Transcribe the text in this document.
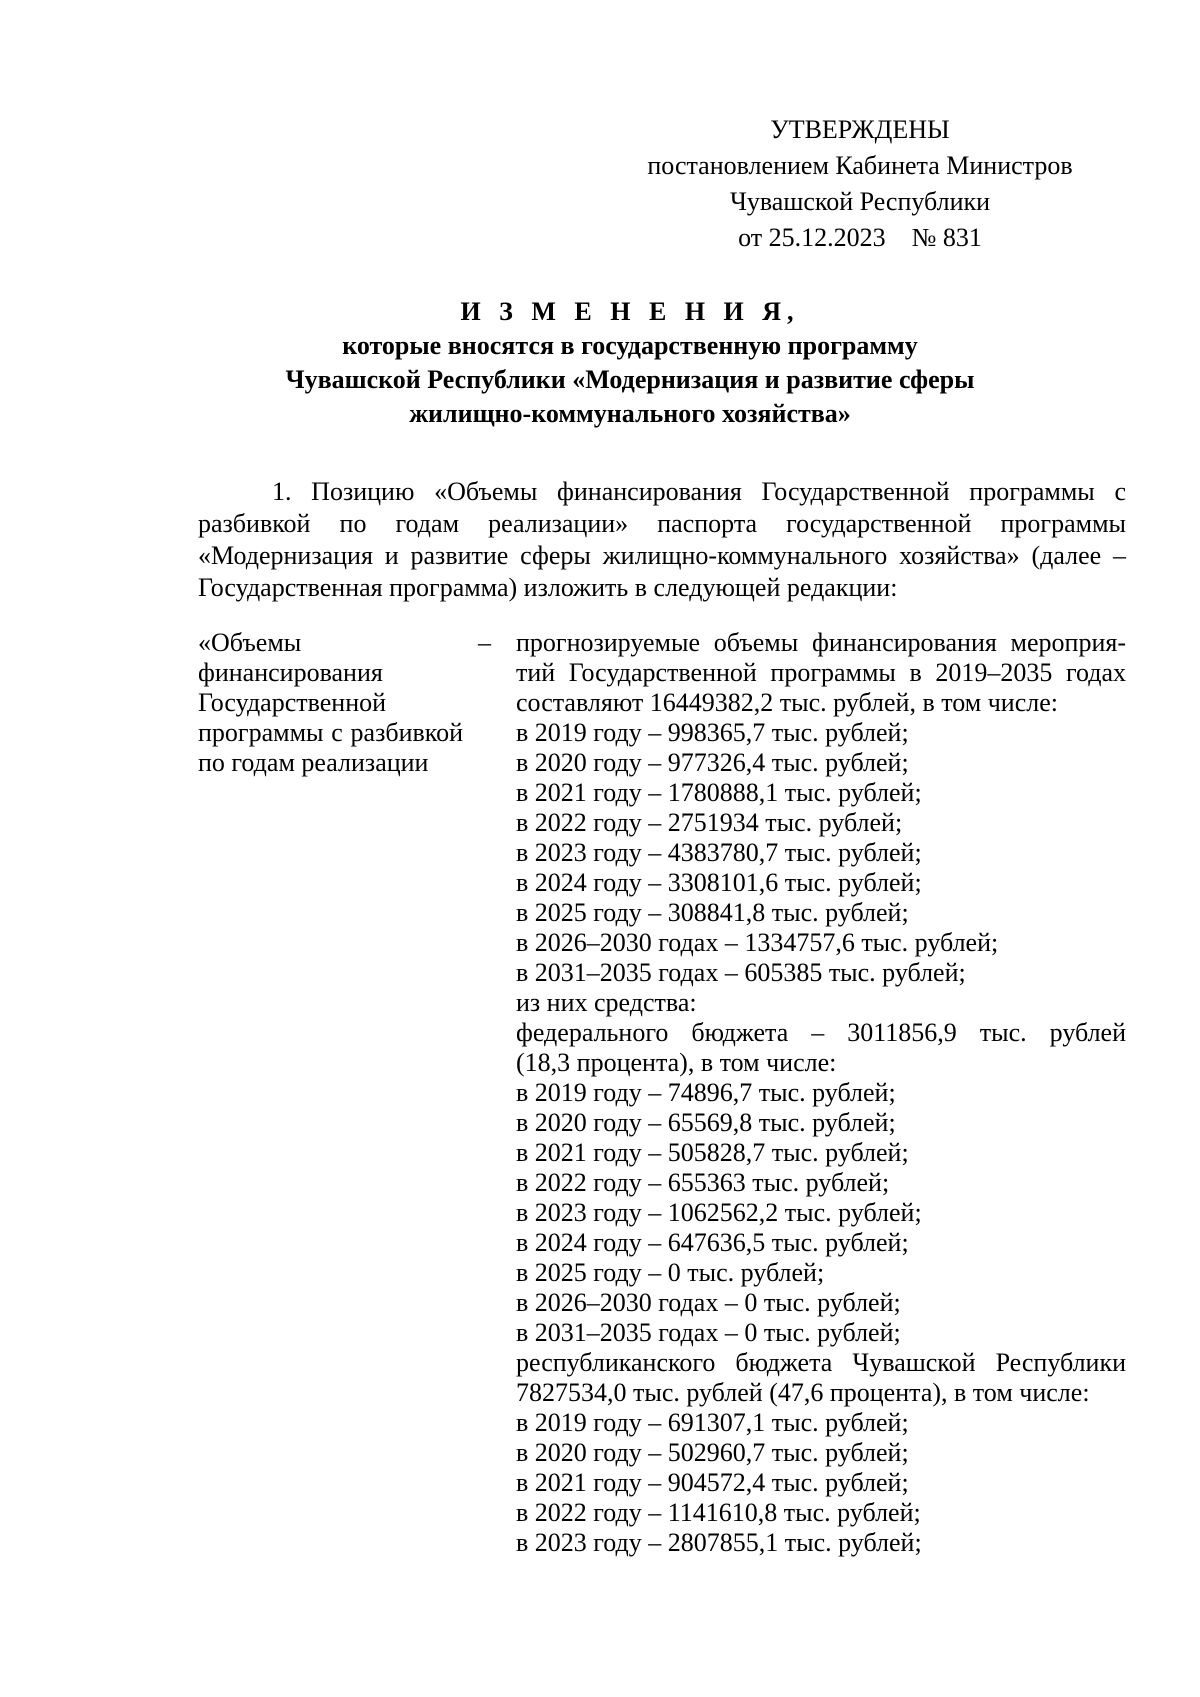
УТВЕРЖДЕНЫ
постановлением Кабинета Министров
Чувашской Республики
от 25.12.2023 № 831
И З М Е Н Е Н И Я,
которые вносятся в государственную программу
Чувашской Республики «Модернизация и развитие сферы
жилищно-коммунального хозяйства»

1. Позицию «Объемы финансирования Государственной программы с разбивкой по годам реализации» паспорта государственной программы «Модернизация и развитие сферы жилищно-коммунального хозяйства» (далее – Государственная программа) изложить в следующей редакции:

«Объемы финансирования Государственной программы с разбивкой по годам реализации
– прогнозируемые объемы финансирования мероприя-
тий Государственной программы в 2019–2035 годах
составляют 16449382,2 тыс. рублей, в том числе:
в 2019 году – 998365,7 тыс. рублей;
в 2020 году – 977326,4 тыс. рублей;
в 2021 году – 1780888,1 тыс. рублей;
в 2022 году – 2751934 тыс. рублей;
в 2023 году – 4383780,7 тыс. рублей;
в 2024 году – 3308101,6 тыс. рублей;
в 2025 году – 308841,8 тыс. рублей;
в 2026–2030 годах – 1334757,6 тыс. рублей;
в 2031–2035 годах – 605385 тыс. рублей;
из них средства:
федерального бюджета – 3011856,9 тыс. рублей
(18,3 процента), в том числе:
в 2019 году – 74896,7 тыс. рублей;
в 2020 году – 65569,8 тыс. рублей;
в 2021 году – 505828,7 тыс. рублей;
в 2022 году – 655363 тыс. рублей;
в 2023 году – 1062562,2 тыс. рублей;
в 2024 году – 647636,5 тыс. рублей;
в 2025 году – 0 тыс. рублей;
в 2026–2030 годах – 0 тыс. рублей;
в 2031–2035 годах – 0 тыс. рублей;
республиканского бюджета Чувашской Республики
7827534,0 тыс. рублей (47,6 процента), в том числе:
в 2019 году – 691307,1 тыс. рублей;
в 2020 году – 502960,7 тыс. рублей;
в 2021 году – 904572,4 тыс. рублей;
в 2022 году – 1141610,8 тыс. рублей;
в 2023 году – 2807855,1 тыс. рублей;
